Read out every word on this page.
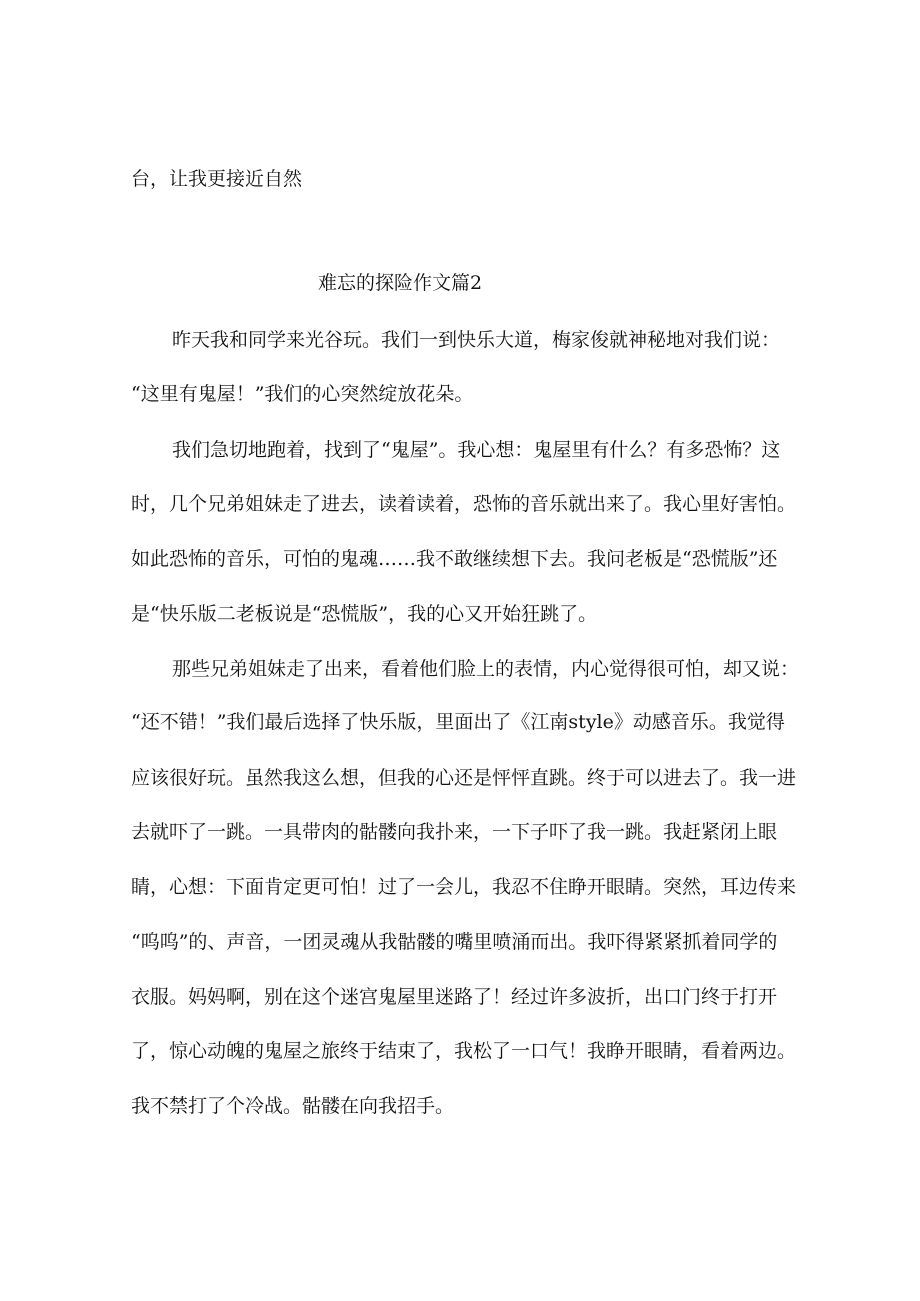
台，让我更接近自然

难忘的探险作文篇2

昨天我和同学来光谷玩。我们一到快乐大道，梅家俊就神秘地对我们说：

“这里有鬼屋！”我们的心突然绽放花朵。

我们急切地跑着，找到了“鬼屋”。我心想：鬼屋里有什么？有多恐怖？这

时，几个兄弟姐妹走了进去，读着读着，恐怖的音乐就出来了。我心里好害怕。

如此恐怖的音乐，可怕的鬼魂……我不敢继续想下去。我问老板是“恐慌版”还

是“快乐版二老板说是“恐慌版”，我的心又开始狂跳了。

那些兄弟姐妹走了出来，看着他们脸上的表情，内心觉得很可怕，却又说：

“还不错！”我们最后选择了快乐版，里面出了《江南style》动感音乐。我觉得

应该很好玩。虽然我这么想，但我的心还是怦怦直跳。终于可以进去了。我一进

去就吓了一跳。一具带肉的骷髅向我扑来，一下子吓了我一跳。我赶紧闭上眼

睛，心想：下面肯定更可怕！过了一会儿，我忍不住睁开眼睛。突然，耳边传来

“呜呜”的、声音，一团灵魂从我骷髅的嘴里喷涌而出。我吓得紧紧抓着同学的

衣服。妈妈啊，别在这个迷宫鬼屋里迷路了！经过许多波折，出口门终于打开

了，惊心动魄的鬼屋之旅终于结束了，我松了一口气！我睁开眼睛，看着两边。

我不禁打了个冷战。骷髅在向我招手。
